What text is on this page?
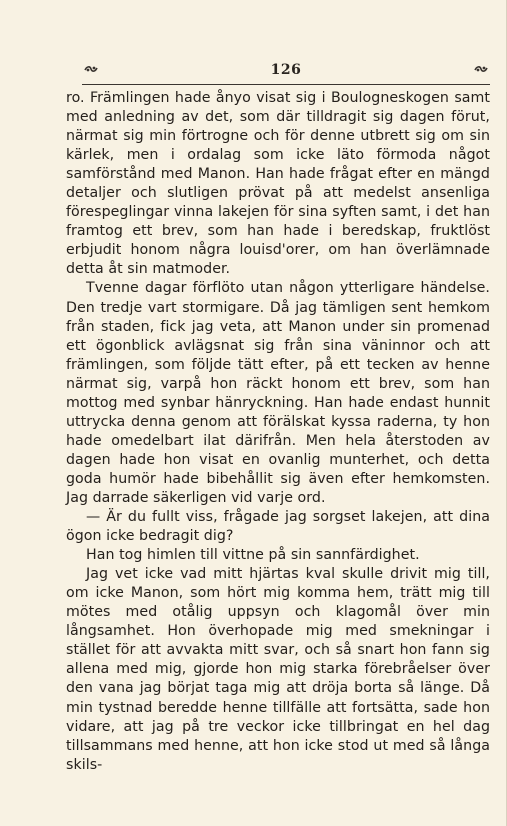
126

ro. Främlingen hade ånyo visat sig i Boulogneskogen samt med anledning av det, som där tilldragit sig dagen förut, närmat sig min förtrogne och för denne utbrett sig om sin kärlek, men i ordalag som icke läto förmoda något samförstånd med Manon. Han hade frågat efter en mängd detaljer och slutligen prövat på att medelst ansenliga förespeglingar vinna lakejen för sina syften samt, i det han framtog ett brev, som han hade i beredskap, fruktlöst erbjudit honom några louisd'orer, om han överlämnade detta åt sin matmoder.

Tvenne dagar förflöto utan någon ytterligare händelse. Den tredje vart stormigare. Då jag tämligen sent hemkom från staden, fick jag veta, att Manon under sin promenad ett ögonblick avlägsnat sig från sina väninnor och att främlingen, som följde tätt efter, på ett tecken av henne närmat sig, varpå hon räckt honom ett brev, som han mottog med synbar hänryckning. Han hade endast hunnit uttrycka denna genom att förälskat kyssa raderna, ty hon hade omedelbart ilat därifrån. Men hela återstoden av dagen hade hon visat en ovanlig munterhet, och detta goda humör hade bibehållit sig även efter hemkomsten. Jag darrade säkerligen vid varje ord.

— Är du fullt viss, frågade jag sorgset lakejen, att dina ögon icke bedragit dig?

Han tog himlen till vittne på sin sannfärdighet.

Jag vet icke vad mitt hjärtas kval skulle drivit mig till, om icke Manon, som hört mig komma hem, trätt mig till mötes med otålig uppsyn och klagomål över min långsamhet. Hon överhopade mig med smekningar i stället för att avvakta mitt svar, och så snart hon fann sig allena med mig, gjorde hon mig starka förebråelser över den vana jag börjat taga mig att dröja borta så länge. Då min tystnad beredde henne tillfälle att fortsätta, sade hon vidare, att jag på tre veckor icke tillbringat en hel dag tillsammans med henne, att hon icke stod ut med så långa skils-
